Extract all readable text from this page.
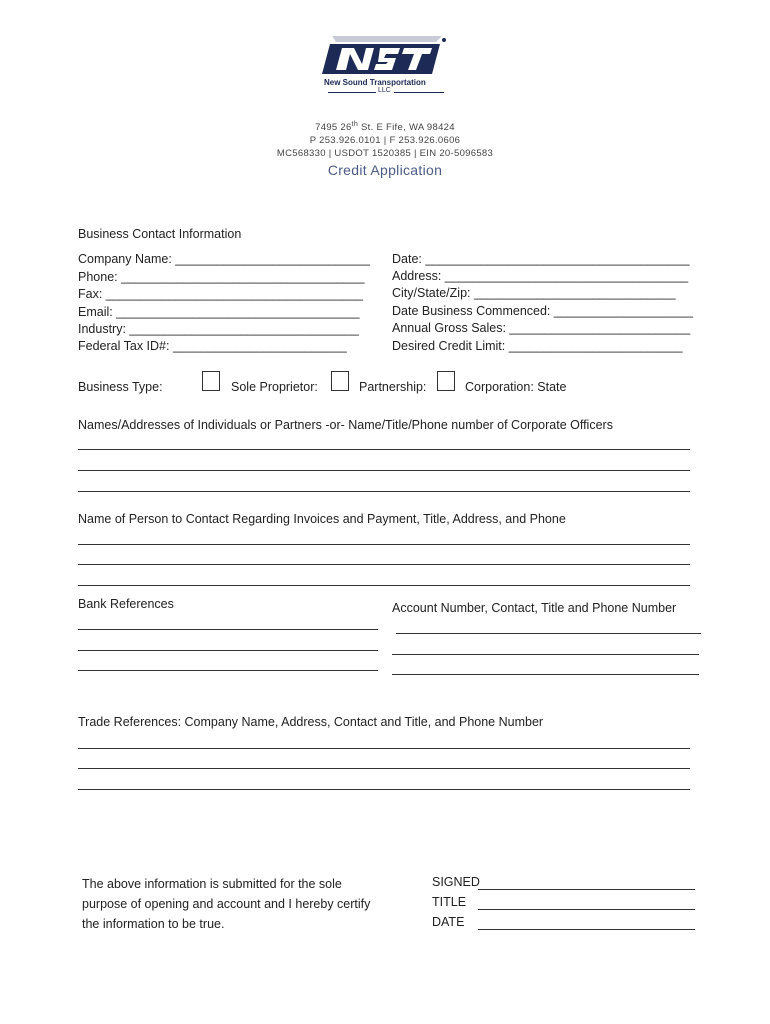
New Sound Transportation
LLC
7495 26th St. E Fife, WA 98424
P 253.926.0101 | F 253.926.0606
MC568330 | USDOT 1520385 | EIN 20-5096583
Credit Application
Business Contact Information
Company Name: ____________________________
Phone: ___________________________________
Fax: _____________________________________
Email: ___________________________________
Industry: _________________________________
Federal Tax ID#: _________________________
Date: ______________________________________
Address: ___________________________________
City/State/Zip: _____________________________
Date Business Commenced: ____________________
Annual Gross Sales: __________________________
Desired Credit Limit: _________________________
Business Type:	Sole Proprietor:	Partnership:	Corporation: State
Names/Addresses of Individuals or Partners -or- Name/Title/Phone number of Corporate Officers
Name of Person to Contact Regarding Invoices and Payment, Title, Address, and Phone
Bank References	Account Number, Contact, Title and Phone Number
Trade References: Company Name, Address, Contact and Title, and Phone Number
The above information is submitted for the sole
purpose of opening and account and I hereby certify
the information to be true.
SIGNED
TITLE
DATE
